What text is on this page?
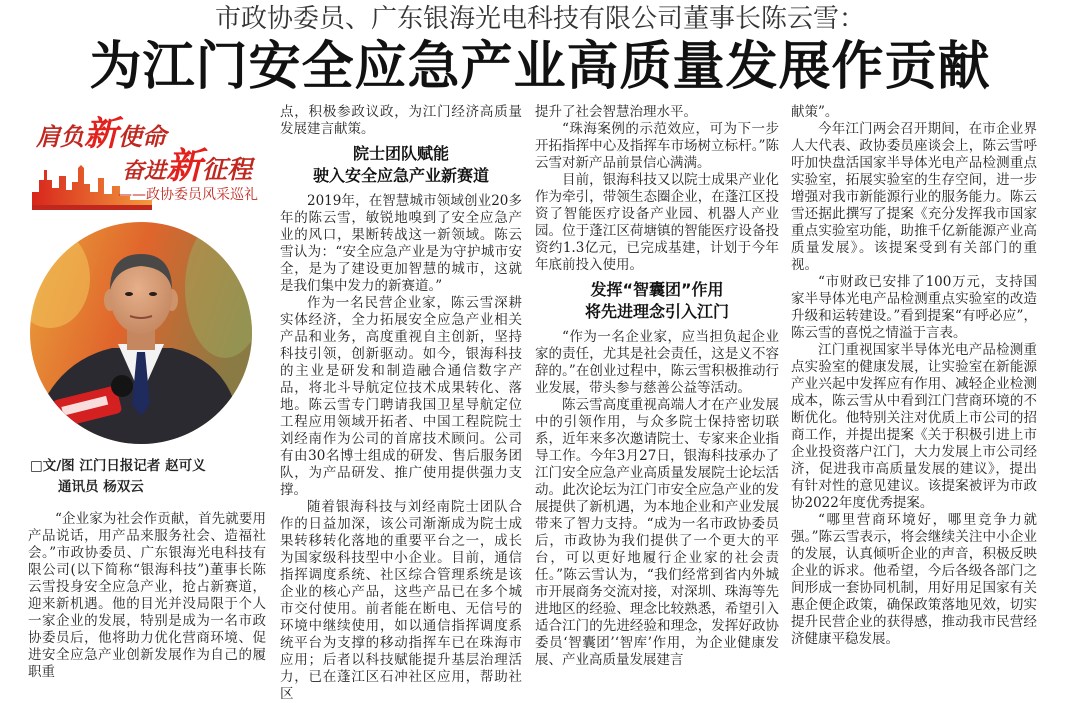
市政协委员、广东银海光电科技有限公司董事长陈云雪：
为江门安全应急产业高质量发展作贡献
肩负新使命
奋进新征程
——政协委员风采巡礼
□文/图 江门日报记者 赵可义
通讯员 杨双云

“企业家为社会作贡献，首先就要用产品说话，用产品来服务社会、造福社会。”市政协委员、广东银海光电科技有限公司(以下简称“银海科技”)董事长陈云雪投身安全应急产业，抢占新赛道，迎来新机遇。他的目光并没局限于个人一家企业的发展，特别是成为一名市政协委员后，他将助力优化营商环境、促进安全应急产业创新发展作为自己的履职重

点，积极参政议政，为江门经济高质量发展建言献策。

院士团队赋能
驶入安全应急产业新赛道

2019年，在智慧城市领域创业20多年的陈云雪，敏锐地嗅到了安全应急产业的风口，果断转战这一新领域。陈云雪认为：“安全应急产业是为守护城市安全，是为了建设更加智慧的城市，这就是我们集中发力的新赛道。”

作为一名民营企业家，陈云雪深耕实体经济，全力拓展安全应急产业相关产品和业务，高度重视自主创新，坚持科技引领，创新驱动。如今，银海科技的主业是研发和制造融合通信数字产品，将北斗导航定位技术成果转化、落地。陈云雪专门聘请我国卫星导航定位工程应用领域开拓者、中国工程院院士刘经南作为公司的首席技术顾问。公司有由30名博士组成的研发、售后服务团队，为产品研发、推广使用提供强力支撑。

随着银海科技与刘经南院士团队合作的日益加深，该公司渐渐成为院士成果转移转化落地的重要平台之一，成长为国家级科技型中小企业。目前，通信指挥调度系统、社区综合管理系统是该企业的核心产品，这些产品已在多个城市交付使用。前者能在断电、无信号的环境中继续使用，如以通信指挥调度系统平台为支撑的移动指挥车已在珠海市应用；后者以科技赋能提升基层治理活力，已在蓬江区石冲社区应用，帮助社区

提升了社会智慧治理水平。

“珠海案例的示范效应，可为下一步开拓指挥中心及指挥车市场树立标杆。”陈云雪对新产品前景信心满满。

目前，银海科技又以院士成果产业化作为牵引，带领生态圈企业，在蓬江区投资了智能医疗设备产业园、机器人产业园。位于蓬江区荷塘镇的智能医疗设备投资约1.3亿元，已完成基建，计划于今年年底前投入使用。

发挥“智囊团”作用
将先进理念引入江门

“作为一名企业家，应当担负起企业家的责任，尤其是社会责任，这是义不容辞的。”在创业过程中，陈云雪积极推动行业发展，带头参与慈善公益等活动。

陈云雪高度重视高端人才在产业发展中的引领作用，与众多院士保持密切联系，近年来多次邀请院士、专家来企业指导工作。今年3月27日，银海科技承办了江门安全应急产业高质量发展院士论坛活动。此次论坛为江门市安全应急产业的发展提供了新机遇，为本地企业和产业发展带来了智力支持。“成为一名市政协委员后，市政协为我们提供了一个更大的平台，可以更好地履行企业家的社会责任。”陈云雪认为，“我们经常到省内外城市开展商务交流对接，对深圳、珠海等先进地区的经验、理念比较熟悉，希望引入适合江门的先进经验和理念，发挥好政协委员‘智囊团’‘智库’作用，为企业健康发展、产业高质量发展建言

献策”。

今年江门两会召开期间，在市企业界人大代表、政协委员座谈会上，陈云雪呼吁加快盘活国家半导体光电产品检测重点实验室，拓展实验室的生存空间，进一步增强对我市新能源行业的服务能力。陈云雪还据此撰写了提案《充分发挥我市国家重点实验室功能，助推千亿新能源产业高质量发展》。该提案受到有关部门的重视。

“市财政已安排了100万元，支持国家半导体光电产品检测重点实验室的改造升级和运转建设。”看到提案“有呼必应”，陈云雪的喜悦之情溢于言表。

江门重视国家半导体光电产品检测重点实验室的健康发展，让实验室在新能源产业兴起中发挥应有作用、减轻企业检测成本，陈云雪从中看到江门营商环境的不断优化。他特别关注对优质上市公司的招商工作，并提出提案《关于积极引进上市企业投资落户江门，大力发展上市公司经济，促进我市高质量发展的建议》，提出有针对性的意见建议。该提案被评为市政协2022年度优秀提案。

“哪里营商环境好，哪里竞争力就强。”陈云雪表示，将会继续关注中小企业的发展，认真倾听企业的声音，积极反映企业的诉求。他希望，今后各级各部门之间形成一套协同机制，用好用足国家有关惠企便企政策，确保政策落地见效，切实提升民营企业的获得感，推动我市民营经济健康平稳发展。
